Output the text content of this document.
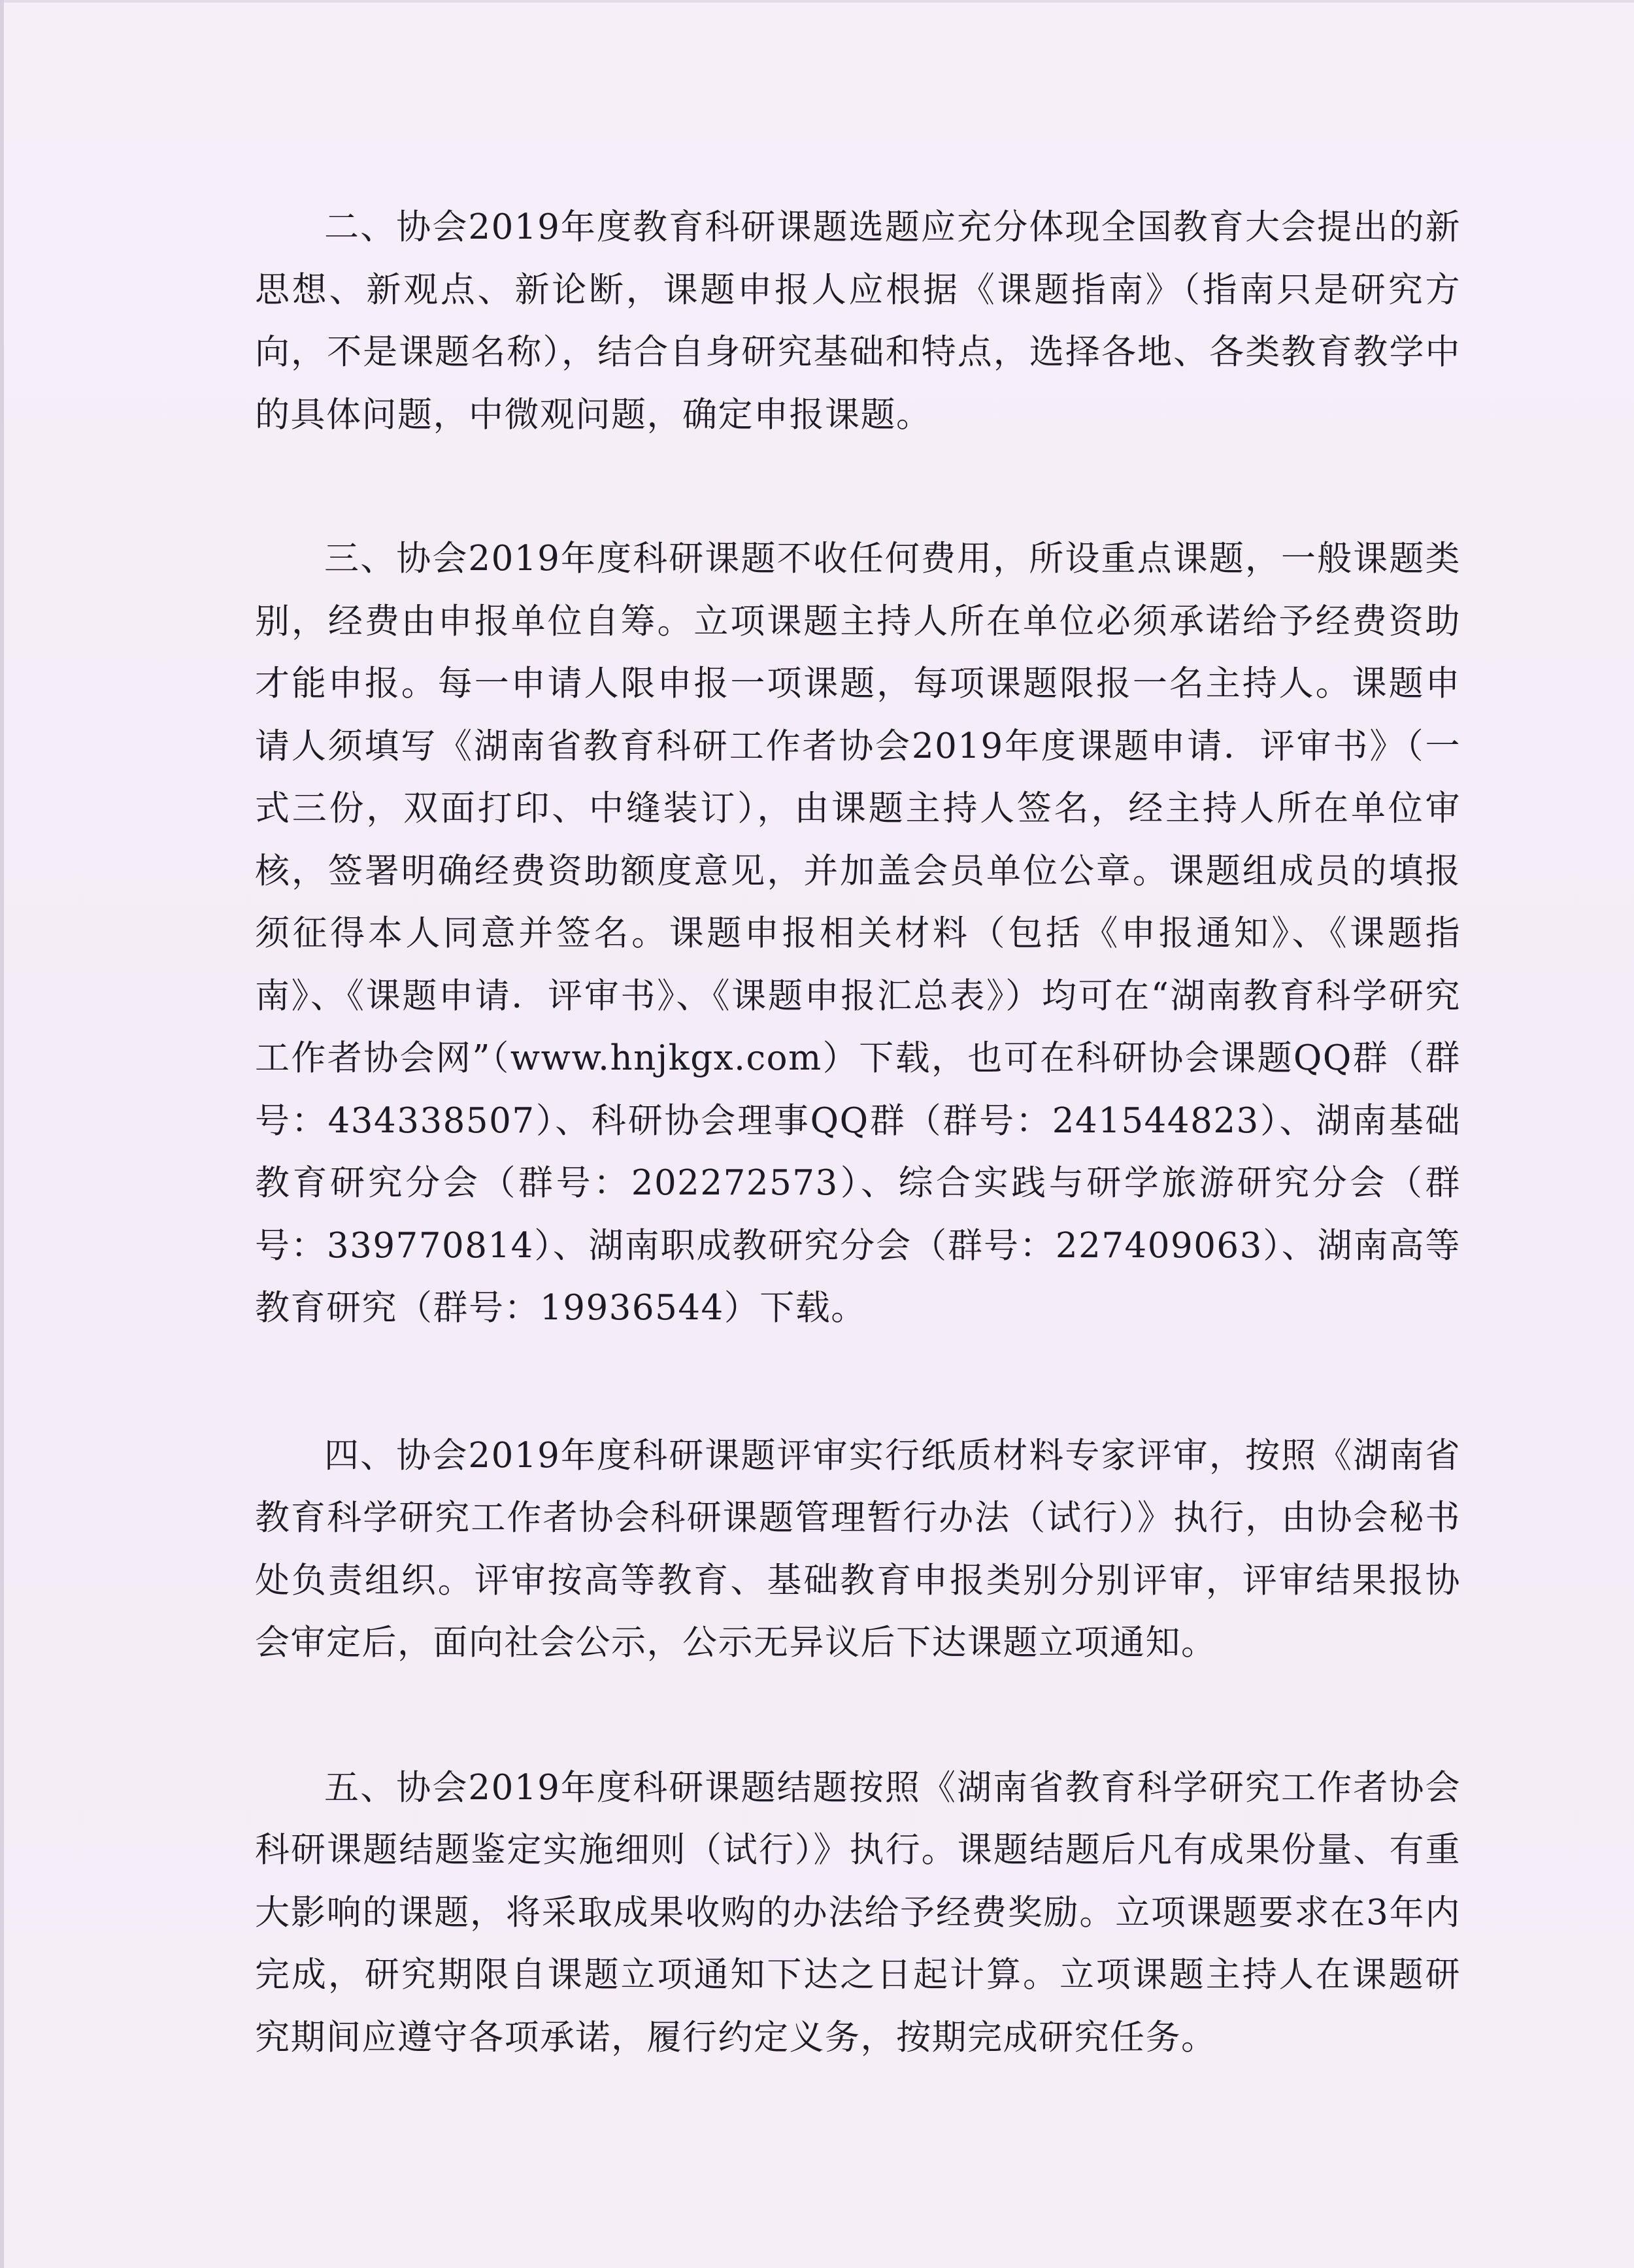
二、协会2019年度教育科研课题选题应充分体现全国教育大会提出的新思想、新观点、新论断，课题申报人应根据《课题指南》（指南只是研究方向，不是课题名称），结合自身研究基础和特点，选择各地、各类教育教学中的具体问题，中微观问题，确定申报课题。

三、协会2019年度科研课题不收任何费用，所设重点课题，一般课题类别，经费由申报单位自筹。立项课题主持人所在单位必须承诺给予经费资助才能申报。每一申请人限申报一项课题，每项课题限报一名主持人。课题申请人须填写《湖南省教育科研工作者协会2019年度课题申请．评审书》（一式三份，双面打印、中缝装订），由课题主持人签名，经主持人所在单位审核，签署明确经费资助额度意见，并加盖会员单位公章。课题组成员的填报须征得本人同意并签名。课题申报相关材料（包括《申报通知》、《课题指南》、《课题申请．评审书》、《课题申报汇总表》）均可在“湖南教育科学研究工作者协会网”（www.hnjkgx.com）下载，也可在科研协会课题QQ群（群号：434338507）、科研协会理事QQ群（群号：241544823）、湖南基础教育研究分会（群号：202272573）、综合实践与研学旅游研究分会（群号：339770814）、湖南职成教研究分会（群号：227409063）、湖南高等教育研究（群号：19936544）下载。

四、协会2019年度科研课题评审实行纸质材料专家评审，按照《湖南省教育科学研究工作者协会科研课题管理暂行办法（试行）》执行，由协会秘书处负责组织。评审按高等教育、基础教育申报类别分别评审，评审结果报协会审定后，面向社会公示，公示无异议后下达课题立项通知。

五、协会2019年度科研课题结题按照《湖南省教育科学研究工作者协会科研课题结题鉴定实施细则（试行）》执行。课题结题后凡有成果份量、有重大影响的课题，将采取成果收购的办法给予经费奖励。立项课题要求在3年内完成，研究期限自课题立项通知下达之日起计算。立项课题主持人在课题研究期间应遵守各项承诺，履行约定义务，按期完成研究任务。
